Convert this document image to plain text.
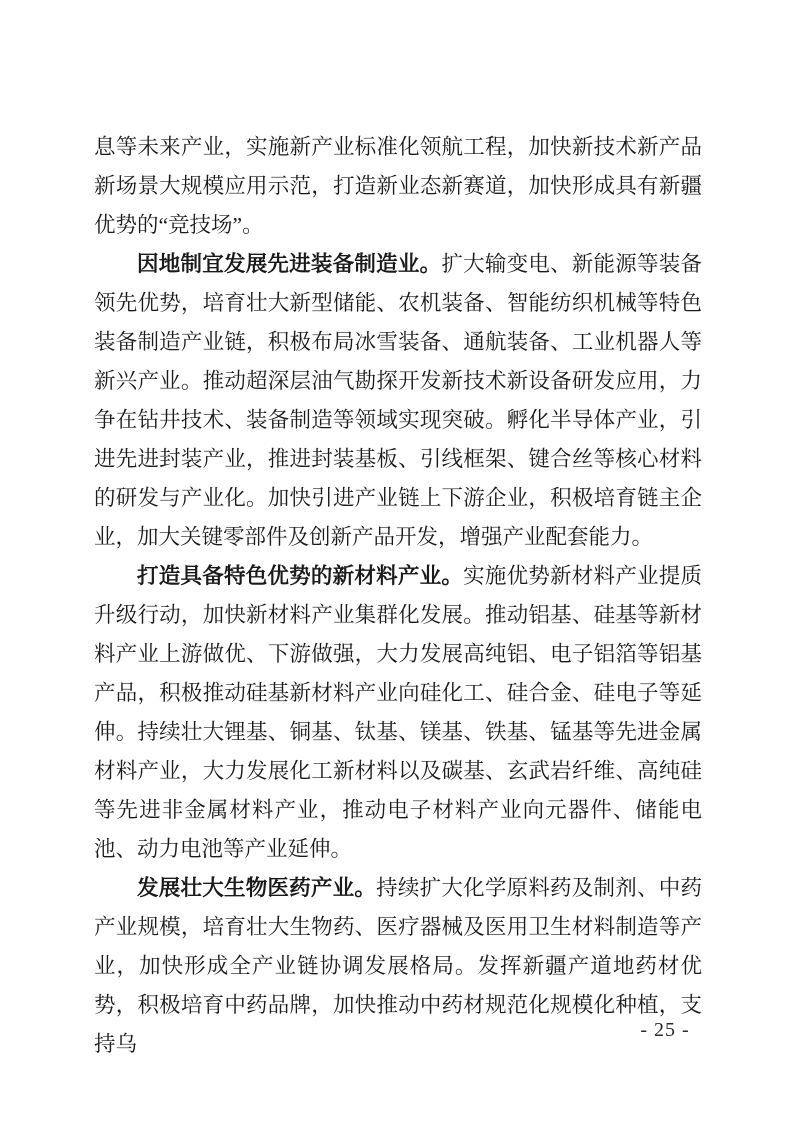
息等未来产业，实施新产业标准化领航工程，加快新技术新产品新场景大规模应用示范，打造新业态新赛道，加快形成具有新疆优势的“竞技场”。

因地制宜发展先进装备制造业。扩大输变电、新能源等装备领先优势，培育壮大新型储能、农机装备、智能纺织机械等特色装备制造产业链，积极布局冰雪装备、通航装备、工业机器人等新兴产业。推动超深层油气勘探开发新技术新设备研发应用，力争在钻井技术、装备制造等领域实现突破。孵化半导体产业，引进先进封装产业，推进封装基板、引线框架、键合丝等核心材料的研发与产业化。加快引进产业链上下游企业，积极培育链主企业，加大关键零部件及创新产品开发，增强产业配套能力。

打造具备特色优势的新材料产业。实施优势新材料产业提质升级行动，加快新材料产业集群化发展。推动铝基、硅基等新材料产业上游做优、下游做强，大力发展高纯铝、电子铝箔等铝基产品，积极推动硅基新材料产业向硅化工、硅合金、硅电子等延伸。持续壮大锂基、铜基、钛基、镁基、铁基、锰基等先进金属材料产业，大力发展化工新材料以及碳基、玄武岩纤维、高纯硅等先进非金属材料产业，推动电子材料产业向元器件、储能电池、动力电池等产业延伸。

发展壮大生物医药产业。持续扩大化学原料药及制剂、中药产业规模，培育壮大生物药、医疗器械及医用卫生材料制造等产业，加快形成全产业链协调发展格局。发挥新疆产道地药材优势，积极培育中药品牌，加快推动中药材规范化规模化种植，支持乌

- 25 -
